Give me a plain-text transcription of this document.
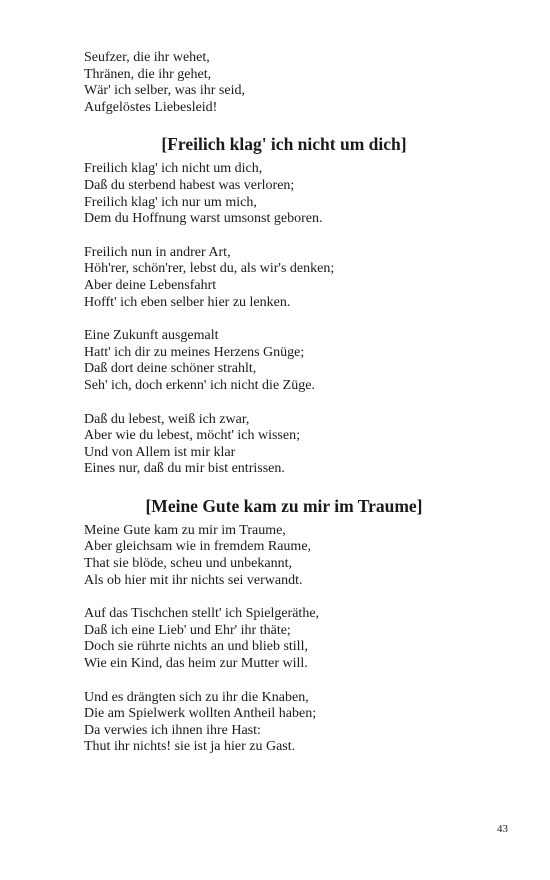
Seufzer, die ihr wehet,
Thränen, die ihr gehet,
Wär' ich selber, was ihr seid,
Aufgelöstes Liebesleid!
[Freilich klag' ich nicht um dich]
Freilich klag' ich nicht um dich,
Daß du sterbend habest was verloren;
Freilich klag' ich nur um mich,
Dem du Hoffnung warst umsonst geboren.
Freilich nun in andrer Art,
Höh'rer, schön'rer, lebst du, als wir's denken;
Aber deine Lebensfahrt
Hofft' ich eben selber hier zu lenken.
Eine Zukunft ausgemalt
Hatt' ich dir zu meines Herzens Gnüge;
Daß dort deine schöner strahlt,
Seh' ich, doch erkenn' ich nicht die Züge.
Daß du lebest, weiß ich zwar,
Aber wie du lebest, möcht' ich wissen;
Und von Allem ist mir klar
Eines nur, daß du mir bist entrissen.
[Meine Gute kam zu mir im Traume]
Meine Gute kam zu mir im Traume,
Aber gleichsam wie in fremdem Raume,
That sie blöde, scheu und unbekannt,
Als ob hier mit ihr nichts sei verwandt.
Auf das Tischchen stellt' ich Spielgeräthe,
Daß ich eine Lieb' und Ehr' ihr thäte;
Doch sie rührte nichts an und blieb still,
Wie ein Kind, das heim zur Mutter will.
Und es drängten sich zu ihr die Knaben,
Die am Spielwerk wollten Antheil haben;
Da verwies ich ihnen ihre Hast:
Thut ihr nichts! sie ist ja hier zu Gast.
43
